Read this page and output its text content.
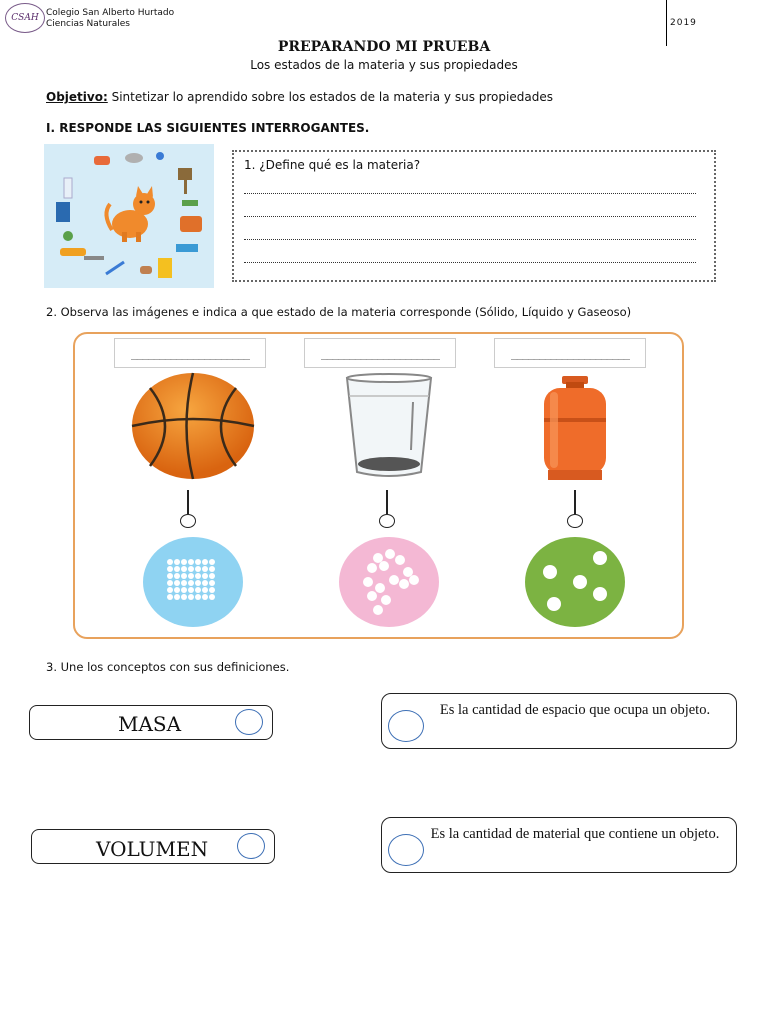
CSAH Colegio San Alberto Hurtado
Ciencias Naturales	2019
PREPARANDO MI PRUEBA
Los estados de la materia y sus propiedades
Objetivo: Sintetizar lo aprendido sobre los estados de la materia y sus propiedades
I. RESPONDE LAS SIGUIENTES INTERROGANTES.
1. ¿Define qué es la materia?
2. Observa las imágenes e indica a que estado de la materia corresponde (Sólido, Líquido y Gaseoso)
_____________________	_____________________	_____________________
3. Une los conceptos con sus definiciones.
MASA
VOLUMEN
Es la cantidad de espacio que ocupa un objeto.
Es la cantidad de material que contiene un objeto.
